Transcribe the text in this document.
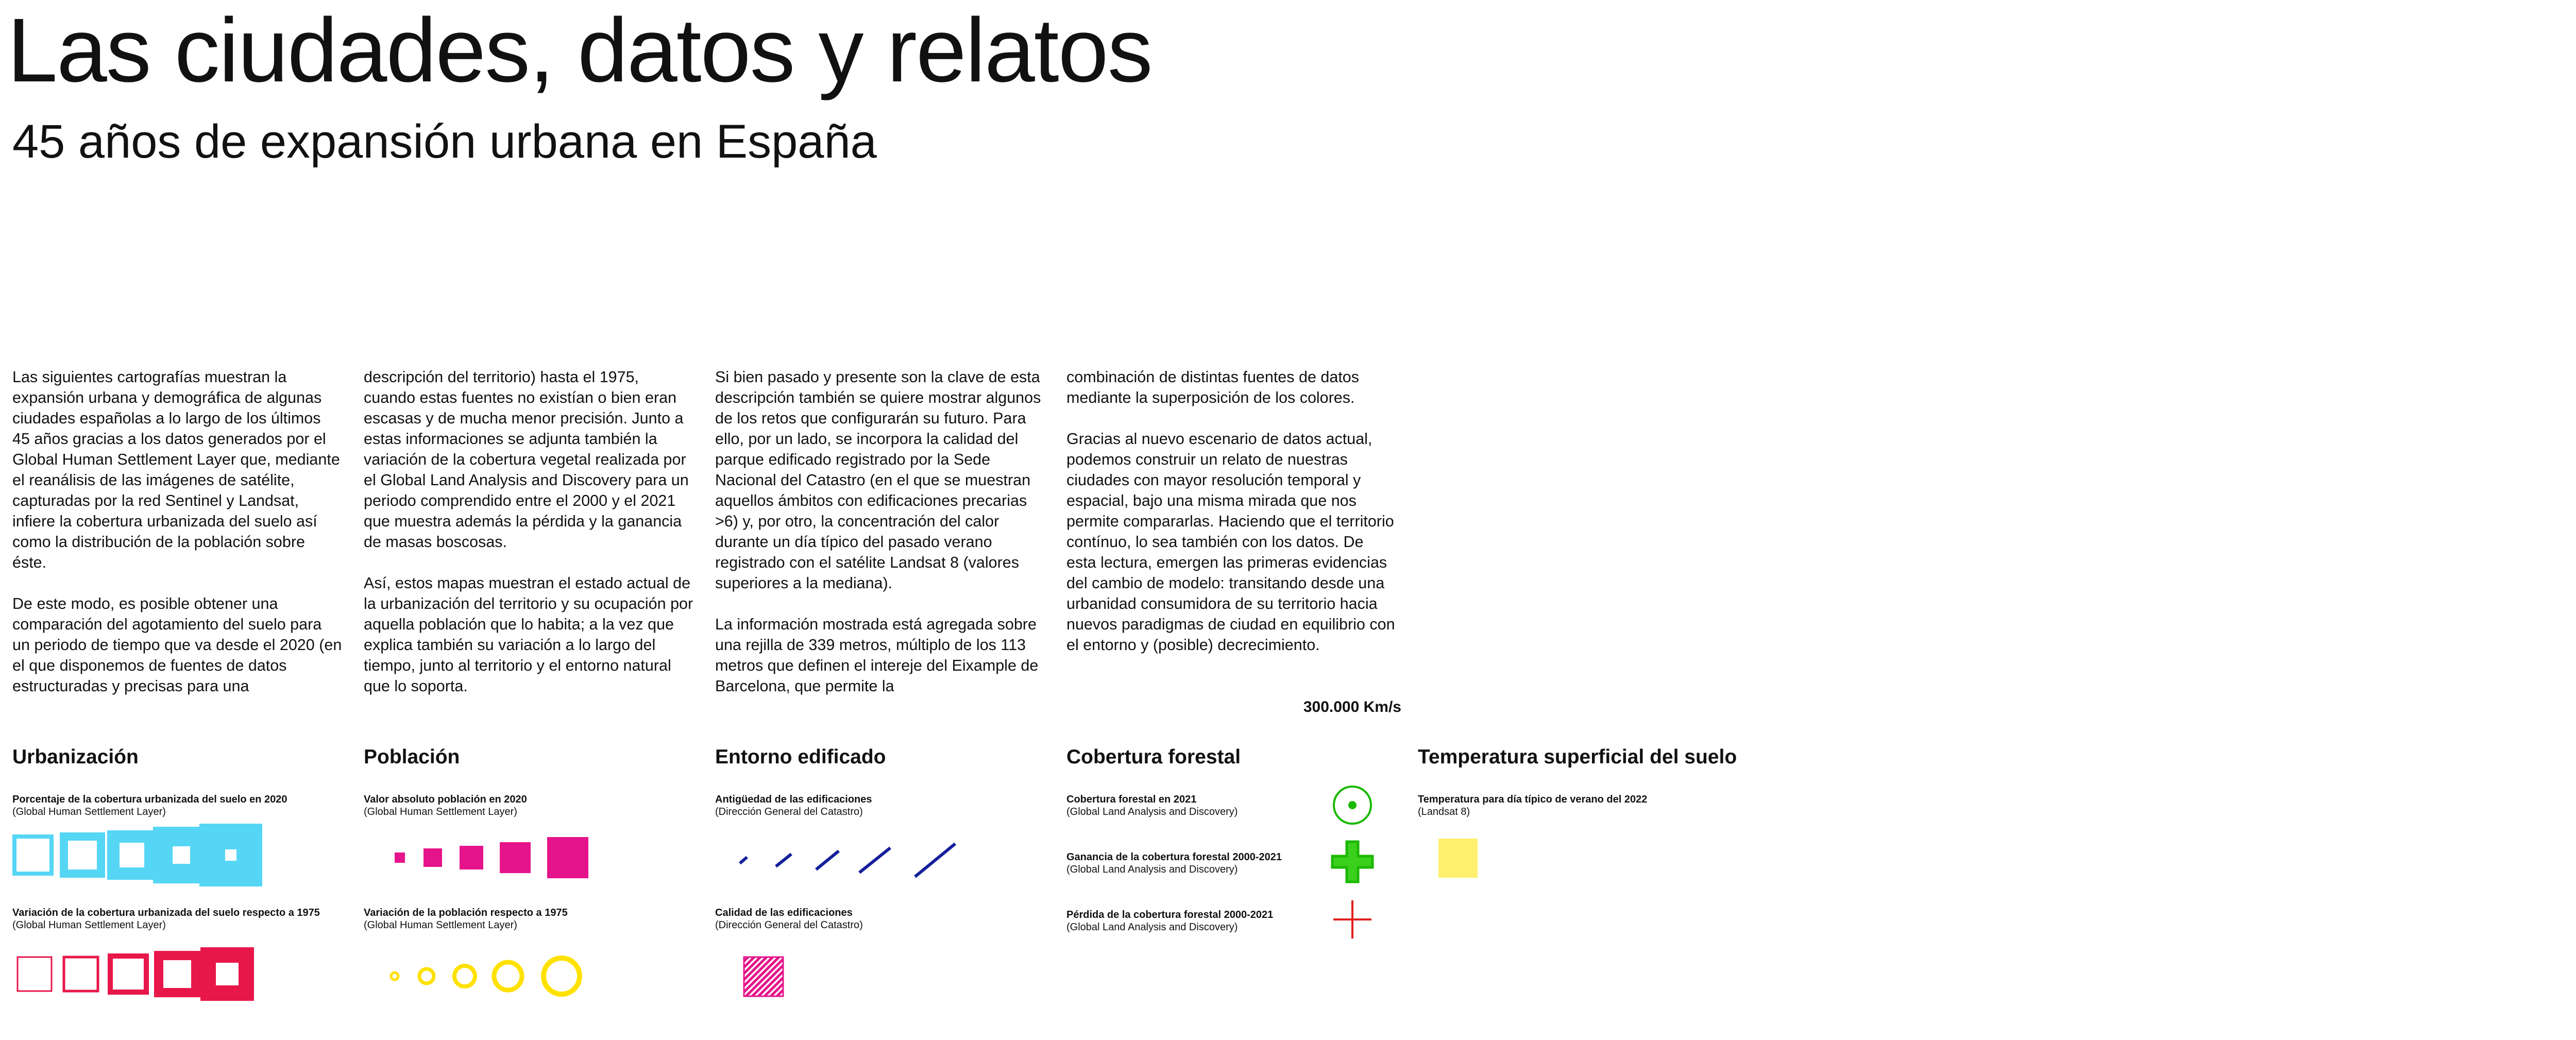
Las ciudades, datos y relatos
45 años de expansión urbana en España
Las siguientes cartografías muestran la expansión urbana y demográfica de algunas ciudades españolas a lo largo de los últimos 45 años gracias a los datos generados por el Global Human Settlement Layer que, mediante el reanálisis de las imágenes de satélite, capturadas por la red Sentinel y Landsat, infiere la cobertura urbanizada del suelo así como la distribución de la población sobre éste.

De este modo, es posible obtener una comparación del agotamiento del suelo para un periodo de tiempo que va desde el 2020 (en el que disponemos de fuentes de datos estructuradas y precisas para una
descripción del territorio) hasta el 1975, cuando estas fuentes no existían o bien eran escasas y de mucha menor precisión. Junto a estas informaciones se adjunta también la variación de la cobertura vegetal realizada por el Global Land Analysis and Discovery para un periodo comprendido entre el 2000 y el 2021 que muestra además la pérdida y la ganancia de masas boscosas.

Así, estos mapas muestran el estado actual de la urbanización del territorio y su ocupación por aquella población que lo habita; a la vez que explica también su variación a lo largo del tiempo, junto al territorio y el entorno natural que lo soporta.
Si bien pasado y presente son la clave de esta descripción también se quiere mostrar algunos de los retos que configurarán su futuro. Para ello, por un lado, se incorpora la calidad del parque edificado registrado por la Sede Nacional del Catastro (en el que se muestran aquellos ámbitos con edificaciones precarias >6) y, por otro, la concentración del calor durante un día típico del pasado verano registrado con el satélite Landsat 8 (valores superiores a la mediana).

La información mostrada está agregada sobre una rejilla de 339 metros, múltiplo de los 113 metros que definen el intereje del Eixample de Barcelona, que permite la
combinación de distintas fuentes de datos mediante la superposición de los colores.

Gracias al nuevo escenario de datos actual, podemos construir un relato de nuestras ciudades con mayor resolución temporal y espacial, bajo una misma mirada que nos permite compararlas. Haciendo que el territorio contínuo, lo sea también con los datos. De esta lectura, emergen las primeras evidencias del cambio de modelo: transitando desde una urbanidad consumidora de su territorio hacia nuevos paradigmas de ciudad en equilibrio con el entorno y (posible) decrecimiento.
300.000 Km/s
Urbanización
Porcentaje de la cobertura urbanizada del suelo en 2020
(Global Human Settlement Layer)
Variación de la cobertura urbanizada del suelo respecto a 1975
(Global Human Settlement Layer)
Población
Valor absoluto población en 2020
(Global Human Settlement Layer)
Variación de la población respecto a 1975
(Global Human Settlement Layer)
Entorno edificado
Antigüedad de las edificaciones
(Dirección General del Catastro)
Calidad de las edificaciones
(Dirección General del Catastro)
Cobertura forestal
Cobertura forestal en 2021
(Global Land Analysis and Discovery)
Ganancia de la cobertura forestal 2000-2021
(Global Land Analysis and Discovery)
Pérdida de la cobertura forestal 2000-2021
(Global Land Analysis and Discovery)
Temperatura superficial del suelo
Temperatura para día típico de verano del 2022
(Landsat 8)
